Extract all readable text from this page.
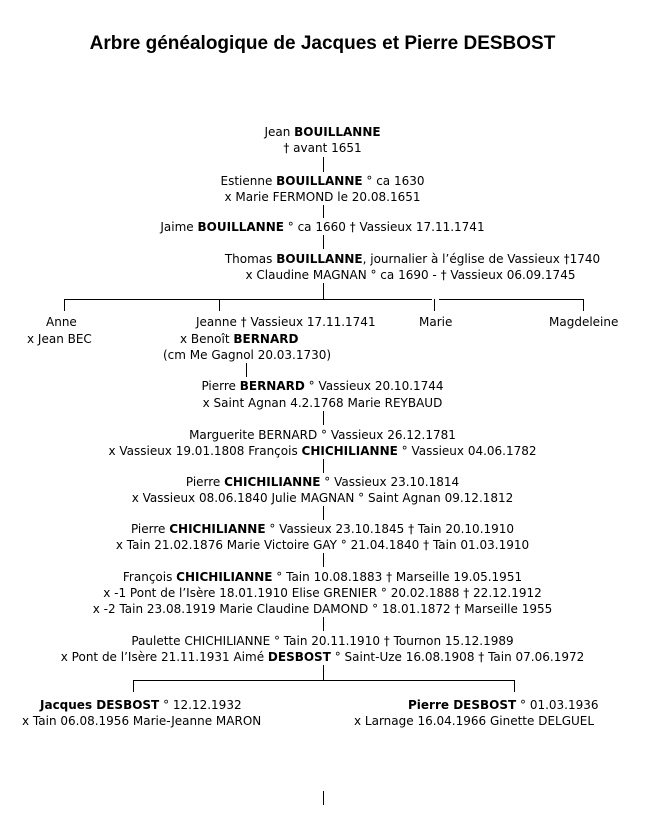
Arbre généalogique de Jacques et Pierre DESBOST
Jean BOUILLANNE
† avant 1651
Estienne BOUILLANNE ° ca 1630
x Marie FERMOND le 20.08.1651
Jaime BOUILLANNE ° ca 1660 † Vassieux 17.11.1741
Thomas BOUILLANNE, journalier à l’église de Vassieux †1740
x Claudine MAGNAN ° ca 1690 - † Vassieux 06.09.1745
Anne
x Jean BEC
Jeanne † Vassieux 17.11.1741
x Benoît BERNARD
(cm Me Gagnol 20.03.1730)
Marie	Magdeleine
Pierre BERNARD ° Vassieux 20.10.1744
x Saint Agnan 4.2.1768 Marie REYBAUD
Marguerite BERNARD ° Vassieux 26.12.1781
x Vassieux 19.01.1808 François CHICHILIANNE ° Vassieux 04.06.1782
Pierre CHICHILIANNE ° Vassieux 23.10.1814
x Vassieux 08.06.1840 Julie MAGNAN ° Saint Agnan 09.12.1812
Pierre CHICHILIANNE ° Vassieux 23.10.1845 † Tain 20.10.1910
x Tain 21.02.1876 Marie Victoire GAY ° 21.04.1840 † Tain 01.03.1910
François CHICHILIANNE ° Tain 10.08.1883 † Marseille 19.05.1951
x -1 Pont de l’Isère 18.01.1910 Elise GRENIER ° 20.02.1888 † 22.12.1912
x -2 Tain 23.08.1919 Marie Claudine DAMOND ° 18.01.1872 † Marseille 1955
Paulette CHICHILIANNE ° Tain 20.11.1910 † Tournon 15.12.1989
x Pont de l’Isère 21.11.1931 Aimé DESBOST ° Saint-Uze 16.08.1908 † Tain 07.06.1972
Jacques DESBOST ° 12.12.1932
x Tain 06.08.1956 Marie-Jeanne MARON
Pierre DESBOST ° 01.03.1936
x Larnage 16.04.1966 Ginette DELGUEL
